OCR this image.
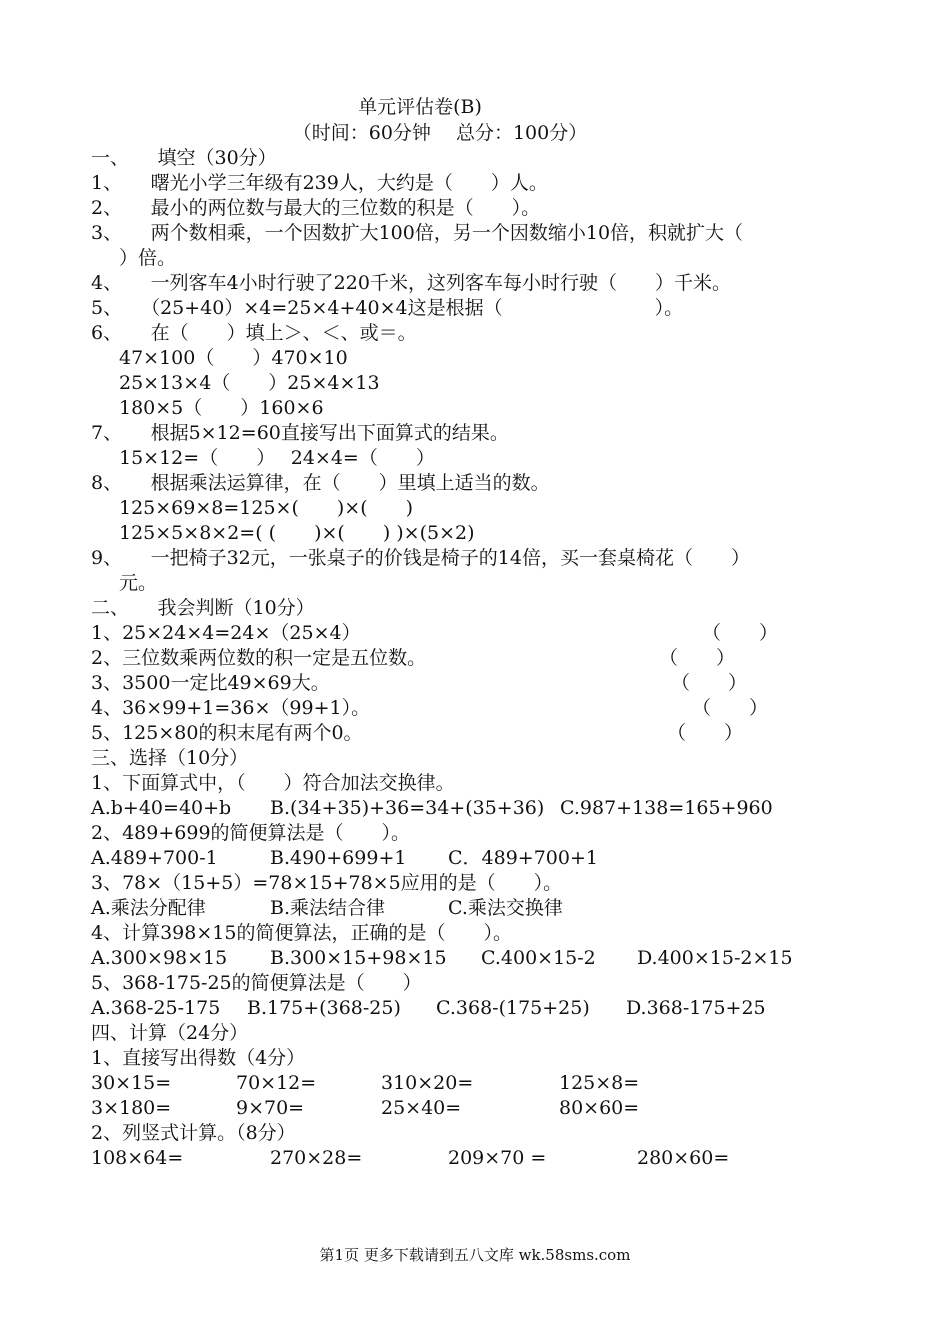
单元评估卷(B)
（时间：60分钟　 总分：100分）
一、　　填空（30分）
1、　　曙光小学三年级有239人，大约是（　　）人。
2、　　最小的两位数与最大的三位数的积是（　　）。
3、　　两个数相乘，一个因数扩大100倍，另一个因数缩小10倍，积就扩大（
）倍。
4、　　一列客车4小时行驶了220千米，这列客车每小时行驶（　　）千米。
5、　　（25+40）×4=25×4+40×4这是根据（　　　　　　　　）。
6、　　在（　　）填上＞、＜、或＝。
47×100（　　）470×10
25×13×4（　　）25×4×13
180×5（　　）160×6
7、　　根据5×12=60直接写出下面算式的结果。
15×12=（　　）　 24×4=（　　）
8、　　根据乘法运算律，在（　　）里填上适当的数。
125×69×8=125×(　　)×(　　)
125×5×8×2=( (　　)×(　　) )×(5×2)
9、　　一把椅子32元，一张桌子的价钱是椅子的14倍，买一套桌椅花（　　）
元。
二、　　我会判断（10分）
1、25×24×4=24×（25×4）	（　　）
2、三位数乘两位数的积一定是五位数。	（　　）
3、3500一定比49×69大。	（　　）
4、36×99+1=36×（99+1）。	（　　）
5、125×80的积末尾有两个0。	（　　）
三、选择（10分）
1、下面算式中，（　　）符合加法交换律。
A.b+40=40+b B.(34+35)+36=34+(35+36) C.987+138=165+960
2、489+699的简便算法是（　　）。
A.489+700-1	B.490+699+1 C．489+700+1
3、78×（15+5）=78×15+78×5应用的是（　　）。
A.乘法分配律	B.乘法结合律	C.乘法交换律
4、计算398×15的简便算法，正确的是（　　）。
A.300×98×15 B.300×15+98×15 C.400×15-2 D.400×15-2×15
5、368-175-25的简便算法是（　　）
A.368-25-175 B.175+(368-25) C.368-(175+25) D.368-175+25
四、计算（24分）
1、直接写出得数（4分）
30×15=	70×12=	310×20=	125×8=
3×180=	9×70=	25×40=	80×60=
2、列竖式计算。（8分）
108×64=	270×28=	209×70 =	280×60=
第1页 更多下载请到五八文库 wk.58sms.com
